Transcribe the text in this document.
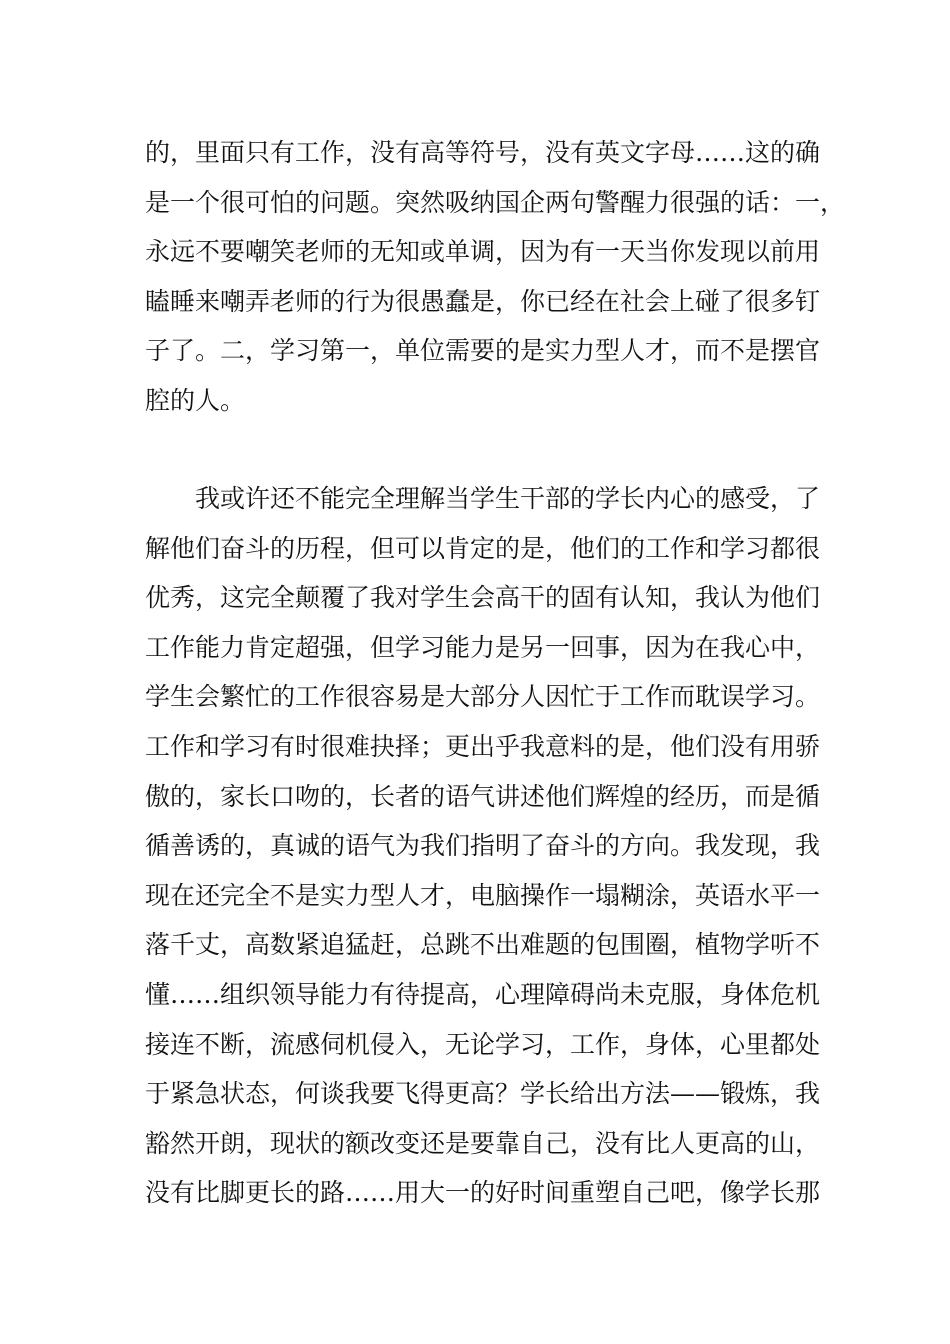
的，里面只有工作，没有高等符号，没有英文字母……这的确
是一个很可怕的问题。突然吸纳国企两句警醒力很强的话：一，
永远不要嘲笑老师的无知或单调，因为有一天当你发现以前用
瞌睡来嘲弄老师的行为很愚蠢是，你已经在社会上碰了很多钉
子了。二，学习第一，单位需要的是实力型人才，而不是摆官
腔的人。
　　我或许还不能完全理解当学生干部的学长内心的感受，了
解他们奋斗的历程，但可以肯定的是，他们的工作和学习都很
优秀，这完全颠覆了我对学生会高干的固有认知，我认为他们
工作能力肯定超强，但学习能力是另一回事，因为在我心中，
学生会繁忙的工作很容易是大部分人因忙于工作而耽误学习。
工作和学习有时很难抉择；更出乎我意料的是，他们没有用骄
傲的，家长口吻的，长者的语气讲述他们辉煌的经历，而是循
循善诱的，真诚的语气为我们指明了奋斗的方向。我发现，我
现在还完全不是实力型人才，电脑操作一塌糊涂，英语水平一
落千丈，高数紧追猛赶，总跳不出难题的包围圈，植物学听不
懂……组织领导能力有待提高，心理障碍尚未克服，身体危机
接连不断，流感伺机侵入，无论学习，工作，身体，心里都处
于紧急状态，何谈我要飞得更高？学长给出方法——锻炼，我
豁然开朗，现状的额改变还是要靠自己，没有比人更高的山，
没有比脚更长的路……用大一的好时间重塑自己吧，像学长那
